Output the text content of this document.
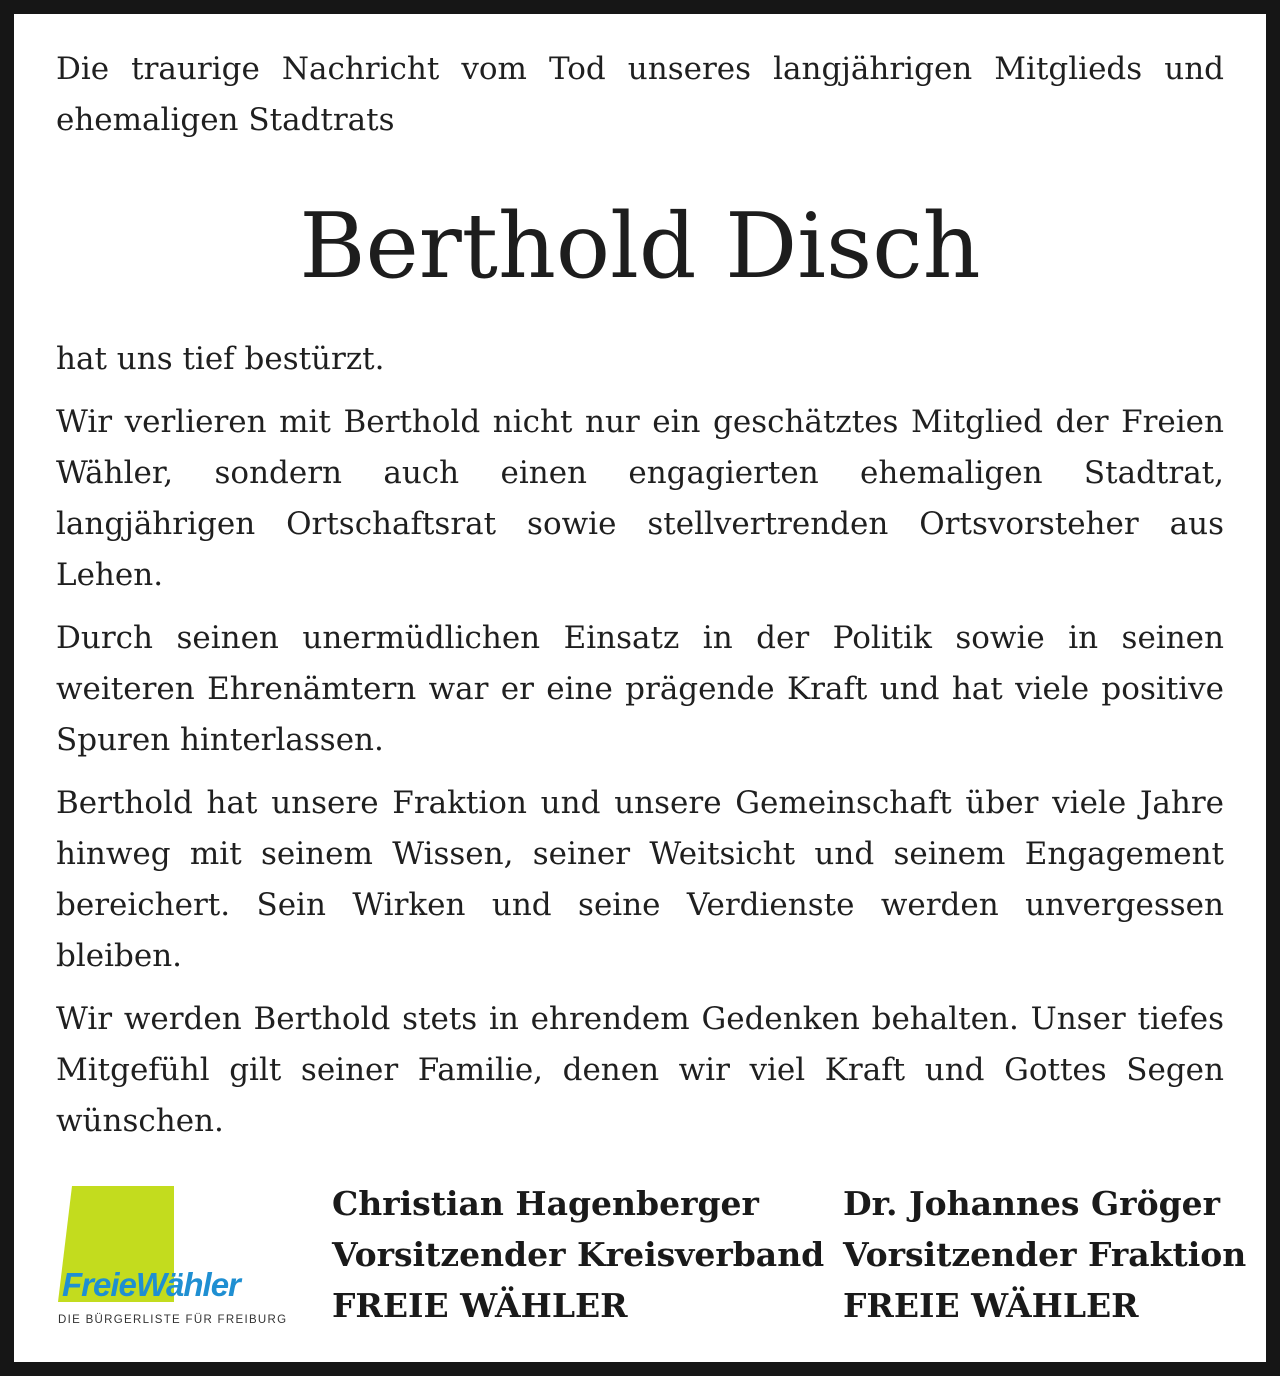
Die traurige Nachricht vom Tod unseres langjährigen Mitglieds und ehemaligen Stadtrats

Berthold Disch

hat uns tief bestürzt.

Wir verlieren mit Berthold nicht nur ein geschätztes Mitglied der Freien Wähler, sondern auch einen engagierten ehemaligen Stadtrat, langjährigen Ortschaftsrat sowie stellvertrenden Ortsvorsteher aus Lehen.

Durch seinen unermüdlichen Einsatz in der Politik sowie in seinen weiteren Ehrenämtern war er eine prägende Kraft und hat viele positive Spuren hinterlassen.

Berthold hat unsere Fraktion und unsere Gemeinschaft über viele Jahre hinweg mit seinem Wissen, seiner Weitsicht und seinem Engagement bereichert. Sein Wirken und seine Verdienste werden unvergessen bleiben.

Wir werden Berthold stets in ehrendem Gedenken behalten. Unser tiefes Mitgefühl gilt seiner Familie, denen wir viel Kraft und Gottes Segen wünschen.

FreieWähler
DIE BÜRGERLISTE FÜR FREIBURG
Christian Hagenberger
Vorsitzender Kreisverband
FREIE WÄHLER
Dr. Johannes Gröger
Vorsitzender Fraktion
FREIE WÄHLER
